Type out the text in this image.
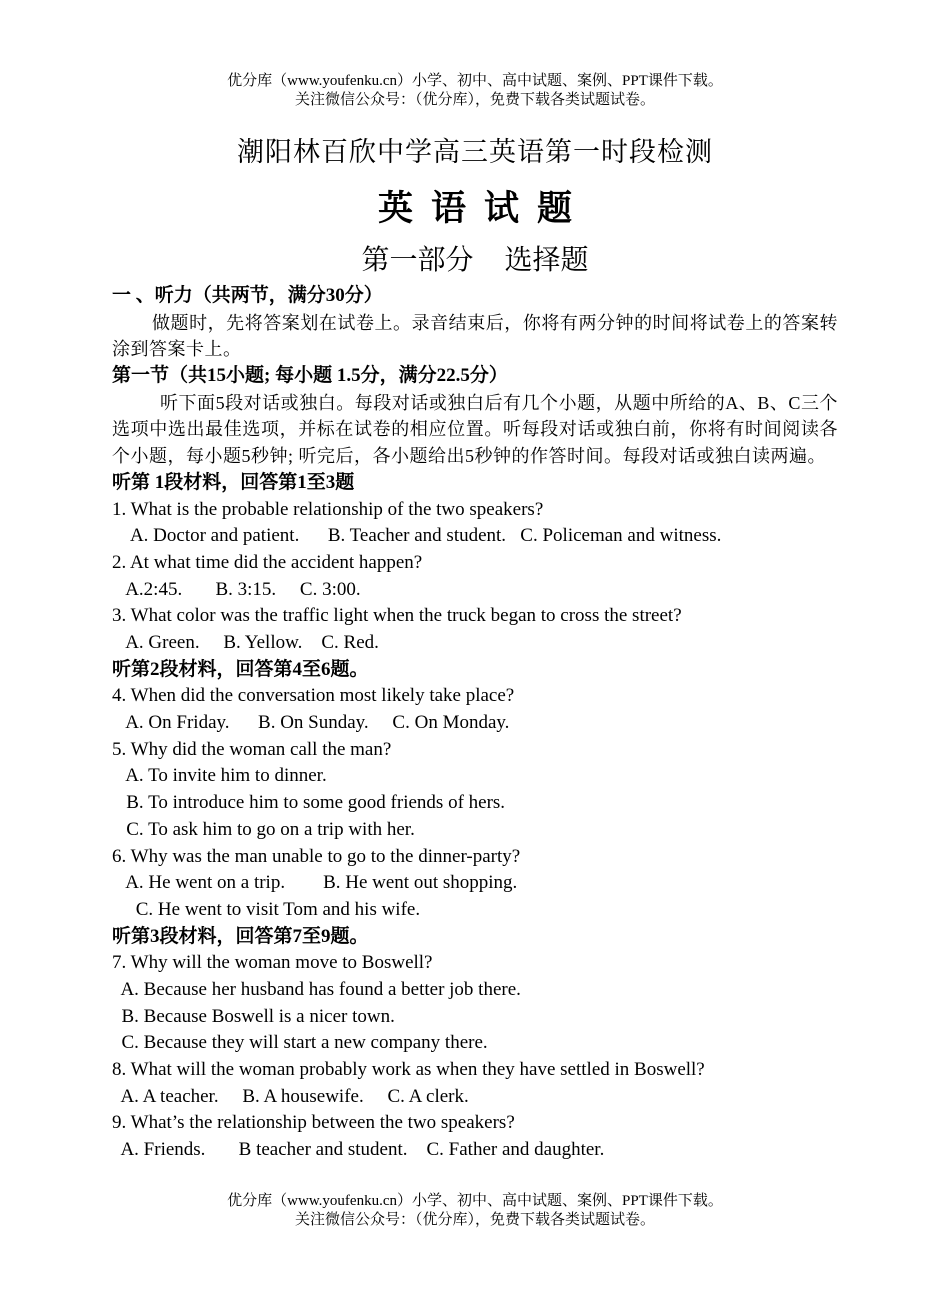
优分库（www.youfenku.cn）小学、初中、高中试题、案例、PPT课件下载。
关注微信公众号：（优分库），免费下载各类试题试卷。
潮阳林百欣中学高三英语第一时段检测
英语试题
第一部分 选择题
一 、听力（共两节，满分30分）
做题时，先将答案划在试卷上。录音结束后，你将有两分钟的时间将试卷上的答案转涂到答案卡上。
第一节（共15小题; 每小题 1.5分，满分22.5分）
听下面5段对话或独白。每段对话或独白后有几个小题，从题中所给的A、B、C三个选项中选出最佳选项，并标在试卷的相应位置。听每段对话或独白前，你将有时间阅读各个小题，每小题5秒钟; 听完后，各小题给出5秒钟的作答时间。每段对话或独白读两遍。
听第 1段材料，回答第1至3题
1. What is the probable relationship of the two speakers?
A. Doctor and patient.      B. Teacher and student.   C. Policeman and witness.
2. At what time did the accident happen?
A.2:45.       B. 3:15.     C. 3:00.
3. What color was the traffic light when the truck began to cross the street?
A. Green.     B. Yellow.    C. Red.
听第2段材料，回答第4至6题。
4. When did the conversation most likely take place?
A. On Friday.      B. On Sunday.     C. On Monday.
5. Why did the woman call the man?
A. To invite him to dinner.
B. To introduce him to some good friends of hers.
C. To ask him to go on a trip with her.
6. Why was the man unable to go to the dinner-party?
A. He went on a trip.        B. He went out shopping.
C. He went to visit Tom and his wife.
听第3段材料，回答第7至9题。
7. Why will the woman move to Boswell?
A. Because her husband has found a better job there.
B. Because Boswell is a nicer town.
C. Because they will start a new company there.
8. What will the woman probably work as when they have settled in Boswell?
A. A teacher.     B. A housewife.     C. A clerk.
9. What’s the relationship between the two speakers?
A. Friends.       B teacher and student.    C. Father and daughter.
优分库（www.youfenku.cn）小学、初中、高中试题、案例、PPT课件下载。
关注微信公众号：（优分库），免费下载各类试题试卷。
